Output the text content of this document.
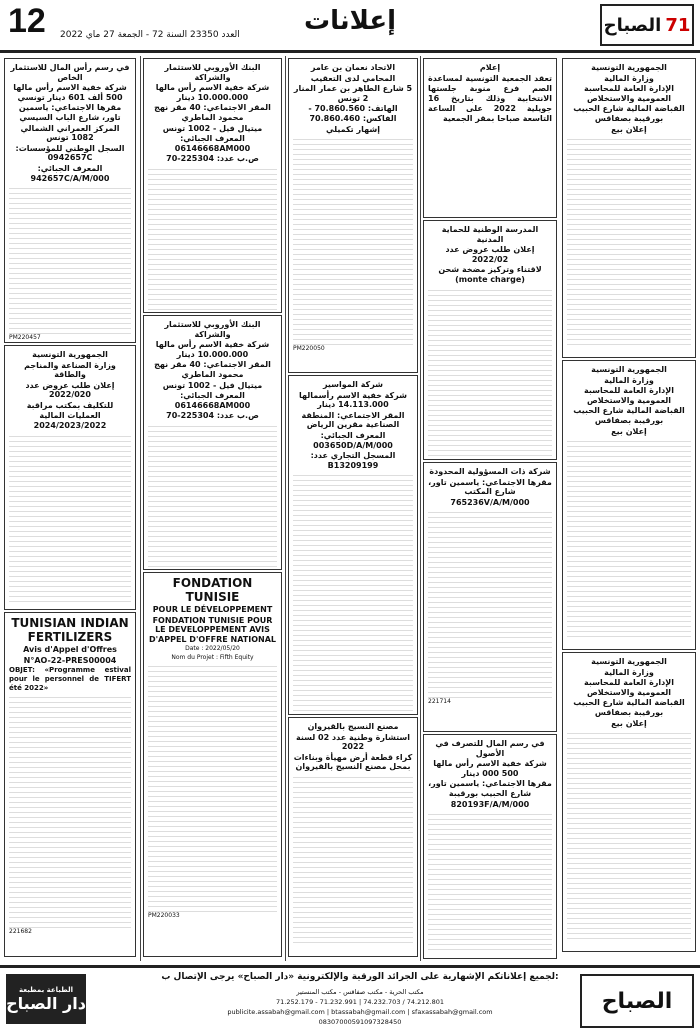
12 العدد 23350 السنة 72 - الجمعة 27 ماي 2022	إعلانات	الصباح 71
الجمهورية التونسية
وزارة المالية
الإدارة العامة للمحاسبة العمومية والاستخلاص
القباضة المالية شارع الحبيب بورقيبة بصفاقس
إعلان بيع
الجمهورية التونسية
وزارة المالية
الإدارة العامة للمحاسبة العمومية والاستخلاص
القباضة المالية شارع الحبيب بورقيبة بصفاقس
إعلان بيع
الجمهورية التونسية
وزارة المالية
الإدارة العامة للمحاسبة العمومية والاستخلاص
القباضة المالية شارع الحبيب بورقيبة بصفاقس
إعلان بيع
إعلام

تعقد الجمعية التونسية لمساعدة الصم فرع منوبة جلستها الانتخابية وذلك بتاريخ 16 جويلية 2022 على الساعة التاسعة صباحا بمقر الجمعية

المدرسة الوطنية للحماية المدنية
إعلان طلب عروض عدد 2022/02
لاقتناء وتركيز مضخة شحن (monte charge)
شركة ذات المسؤولية المحدودة
مقرها الاجتماعي: ياسمين تاور، شارع المكتب
765236V/A/M/000
221714
في رسم المال للتصرف في الأصول
شركة خفية الاسم رأس مالها 500 000 دينار
مقرها الاجتماعي: ياسمين تاور، شارع الحبيب بورقيبة
820193F/A/M/000
الاتحاد نعمان بن عامر
المحامي لدى التعقيب
5 شارع الطاهر بن عمار المنار 2 تونس
الهاتف: 70.860.560 - الفاكس: 70.860.460
إشهار تكميلي
PM220050
شركة المواسير
شركة خفية الاسم رأسمالها 14.113.000 دينار
المقر الاجتماعي: المنطقة الصناعية مقرين الرياض
المعرف الجبائي: 003650D/A/M/000
المسجل التجاري عدد: B13209199
مصنع النسيج بالقيروان
استشارة وطنية عدد 02 لسنة 2022
كراء قطعة أرض مهيأة وبناءات بمحل مصنع النسيج بالقيروان
البنك الأوروبي للاستثمار والشراكة
شركة خفية الاسم رأس مالها 10.000.000 دينار
المقر الاجتماعي: 40 مقر نهج محمود الماطري
ميتيال فيل - 1002 تونس
المعرف الجبائي: 06146668AM000
ص.ب عدد: 225304-70
البنك الأوروبي للاستثمار والشراكة
شركة خفية الاسم رأس مالها 10.000.000 دينار
المقر الاجتماعي: 40 مقر نهج محمود الماطري
ميتيال فيل - 1002 تونس
المعرف الجبائي: 06146668AM000
ص.ب عدد: 225304-70
FONDATION TUNISIE
POUR LE DÉVELOPPEMENT
FONDATION TUNISIE POUR LE DEVELOPPEMENT AVIS D'APPEL D'OFFRE NATIONAL

Date : 2022/05/20

Nom du Projet : Fifth Equity

PM220033
في رسم رأس المال للاستثمار الخاص
شركة خفية الاسم رأس مالها 500 ألف 601 دينار تونسي
مقرها الاجتماعي: ياسمين تاور، شارع الباب السيسي
المركز العمراني الشمالي 1082 تونس
السجل الوطني للمؤسسات: 0942657C
المعرف الجبائي: 942657C/A/M/000
PM220457
الجمهورية التونسية
وزارة الصناعة والمناجم والطاقة
إعلان طلب عروض عدد 2022/020
للتكليف بمكتب مراقبة العمليات المالية
2024/2023/2022
TUNISIAN INDIAN FERTILIZERS
Avis d'Appel d'Offres
N°AO-22-PRES00004

OBJET: «Programme estival pour le personnel de TIFERT été 2022»

221682
الطباعة بمطبعة
دار الصباح
لجميع إعلاناتكم الإشهارية على الجرائد الورقية والإلكترونية «دار الصباح» يرجى الإتصال ب:
مكتب الحرية - مكتب صفاقس - مكتب المنستير
71.252.179 - 71.232.991 | 74.232.703 / 74.212.801
publicite.assabah@gmail.com | btassabah@gmail.com | sfaxassabah@gmail.com
08307000591097328450
الصباح
